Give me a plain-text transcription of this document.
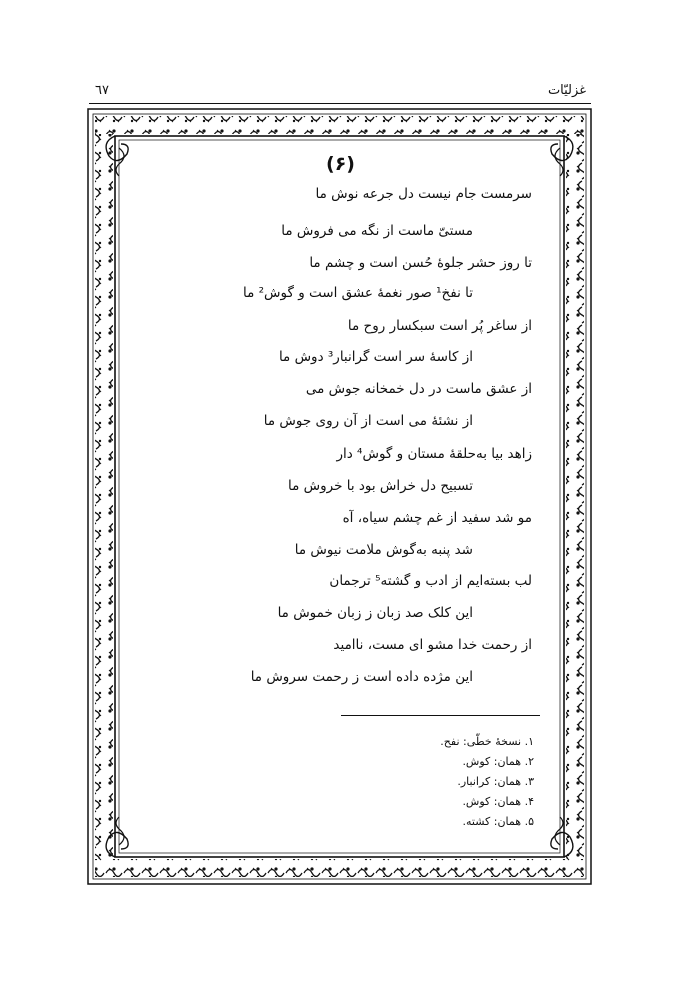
غزلیّات
٦٧
(۶)
سرمست جام نیست دل جرعه نوش ما
مستیّ ماست از نگه می فروش ما
تا روز حشر جلوهٔ حُسن است و چشم ما
تا نفخ¹ صور نغمهٔ عشق است و گوش² ما
از ساغر پُر است سبکسار روح ما
از کاسهٔ سر است گرانبار³ دوش ما
از عشق ماست در دل خمخانه جوش می
از نشئهٔ می است از آن روی جوش ما
زاهد بیا به‌حلقهٔ مستان و گوش⁴ دار
تسبیح دل خراش بود با خروش ما
مو شد سفید از غم چشم سیاه، آه
شد پنبه به‌گوش ملامت نیوش ما
لب بسته‌ایم از ادب و گشته⁵ ترجمان
این کلک صد زبان ز زبان خموش ما
از رحمت خدا مشو ای مست، ناامید
این مژده داده است ز رحمت سروش ما
١. نسخهٔ خطّی: نفح.
٢. همان: کوش.
٣. همان: کرانبار.
۴. همان: کوش.
۵. همان: کشته.
